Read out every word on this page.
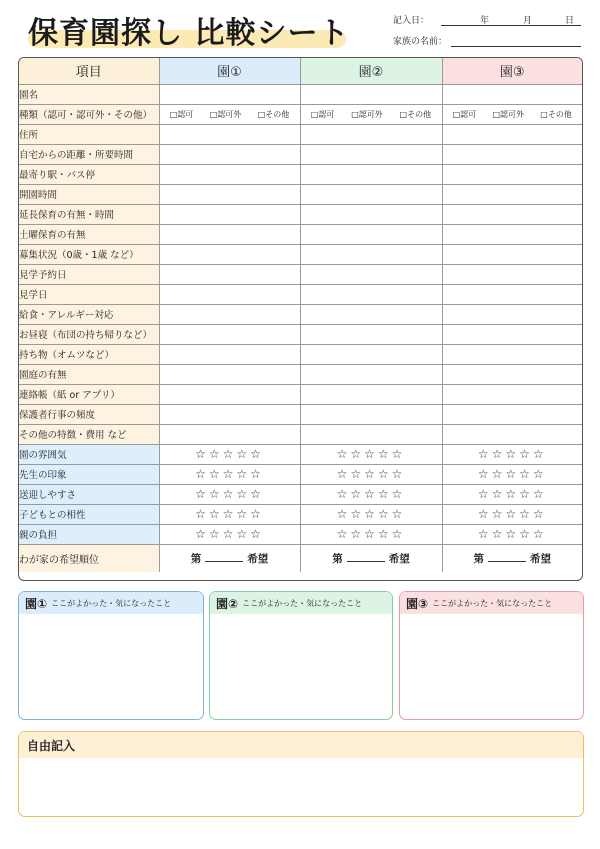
保育園探し 比較シート	記入日：	年	月	日
家族の名前：
項目	園①	園②	園③
園名			
種類（認可・認可外・その他）	□認可 □認可外 □その他	□認可 □認可外 □その他	□認可 □認可外 □その他

住所			
自宅からの距離・所要時間			
最寄り駅・バス停			
開園時間			
延長保育の有無・時間			
土曜保育の有無			
募集状況（0歳・1歳 など）			
見学予約日			
見学日			
給食・アレルギー対応			
お昼寝（布団の持ち帰りなど）			
持ち物（オムツなど）			
園庭の有無			
連絡帳（紙 or アプリ）			
保護者行事の頻度			
その他の特徴・費用 など			
園の雰囲気	☆☆☆☆☆	☆☆☆☆☆	☆☆☆☆☆

先生の印象	☆☆☆☆☆	☆☆☆☆☆	☆☆☆☆☆

送迎しやすさ	☆☆☆☆☆	☆☆☆☆☆	☆☆☆☆☆

子どもとの相性	☆☆☆☆☆	☆☆☆☆☆	☆☆☆☆☆

親の負担	☆☆☆☆☆	☆☆☆☆☆	☆☆☆☆☆

わが家の希望順位	第 希望	第 希望	第 希望
園① ここがよかった・気になったこと	園② ここがよかった・気になったこと	園③ ここがよかった・気になったこと
自由記入
